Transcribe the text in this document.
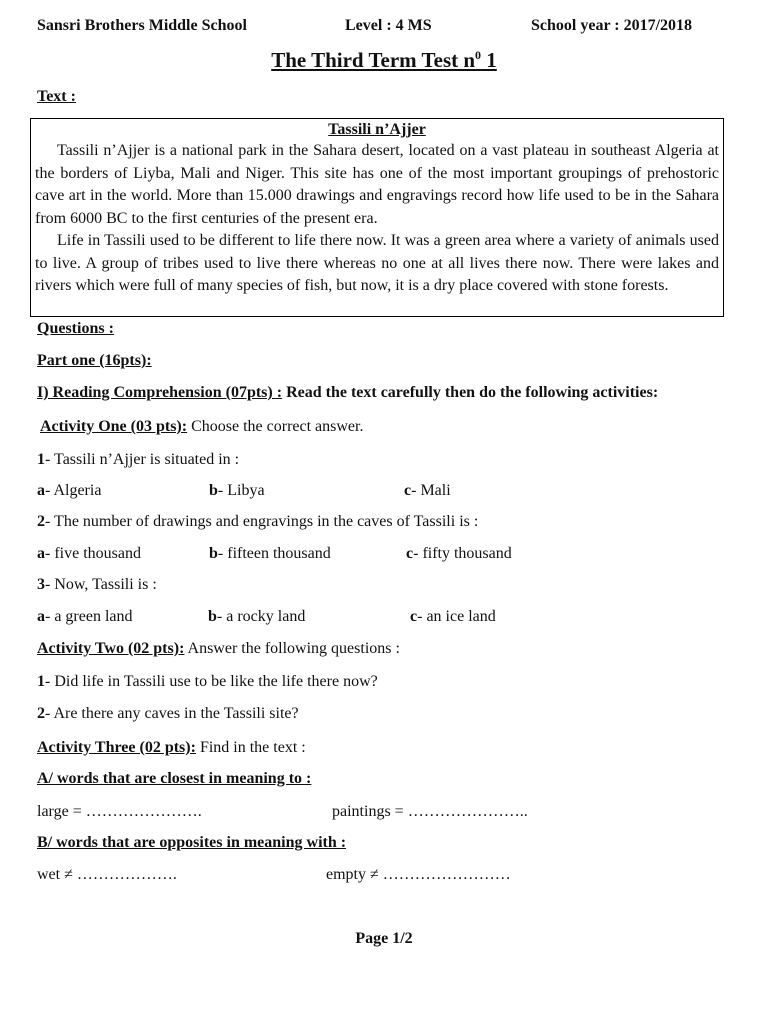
Sansri Brothers Middle School	Level : 4 MS	School year : 2017/2018
The Third Term Test $n^0$ 1
Text :
Tassili n’Ajjer

Tassili n’Ajjer is a national park in the Sahara desert, located on a vast plateau in southeast Algeria at the borders of Liyba, Mali and Niger. This site has one of the most important groupings of prehostoric cave art in the world. More than 15.000 drawings and engravings record how life used to be in the Sahara from 6000 BC to the first centuries of the present era.

Life in Tassili used to be different to life there now. It was a green area where a variety of animals used to live. A group of tribes used to live there whereas no one at all lives there now. There were lakes and rivers which were full of many species of fish, but now, it is a dry place covered with stone forests.

Questions :
Part one (16pts):
I) Reading Comprehension (07pts) : Read the text carefully then do the following activities:
Activity One (03 pts): Choose the correct answer.
1- Tassili n’Ajjer is situated in :
a- Algeria	b- Libya	c- Mali
2- The number of drawings and engravings in the caves of Tassili is :
a- five thousand	b- fifteen thousand	c- fifty thousand
3- Now, Tassili is :
a- a green land	b- a rocky land	c- an ice land
Activity Two (02 pts): Answer the following questions :
1- Did life in Tassili use to be like the life there now?
2- Are there any caves in the Tassili site?
Activity Three (02 pts): Find in the text :
A/ words that are closest in meaning to :
large = ………………….	paintings = …………………..
B/ words that are opposites in meaning with :
wet ≠ ……………….	empty ≠ ……………………
Page 1/2
